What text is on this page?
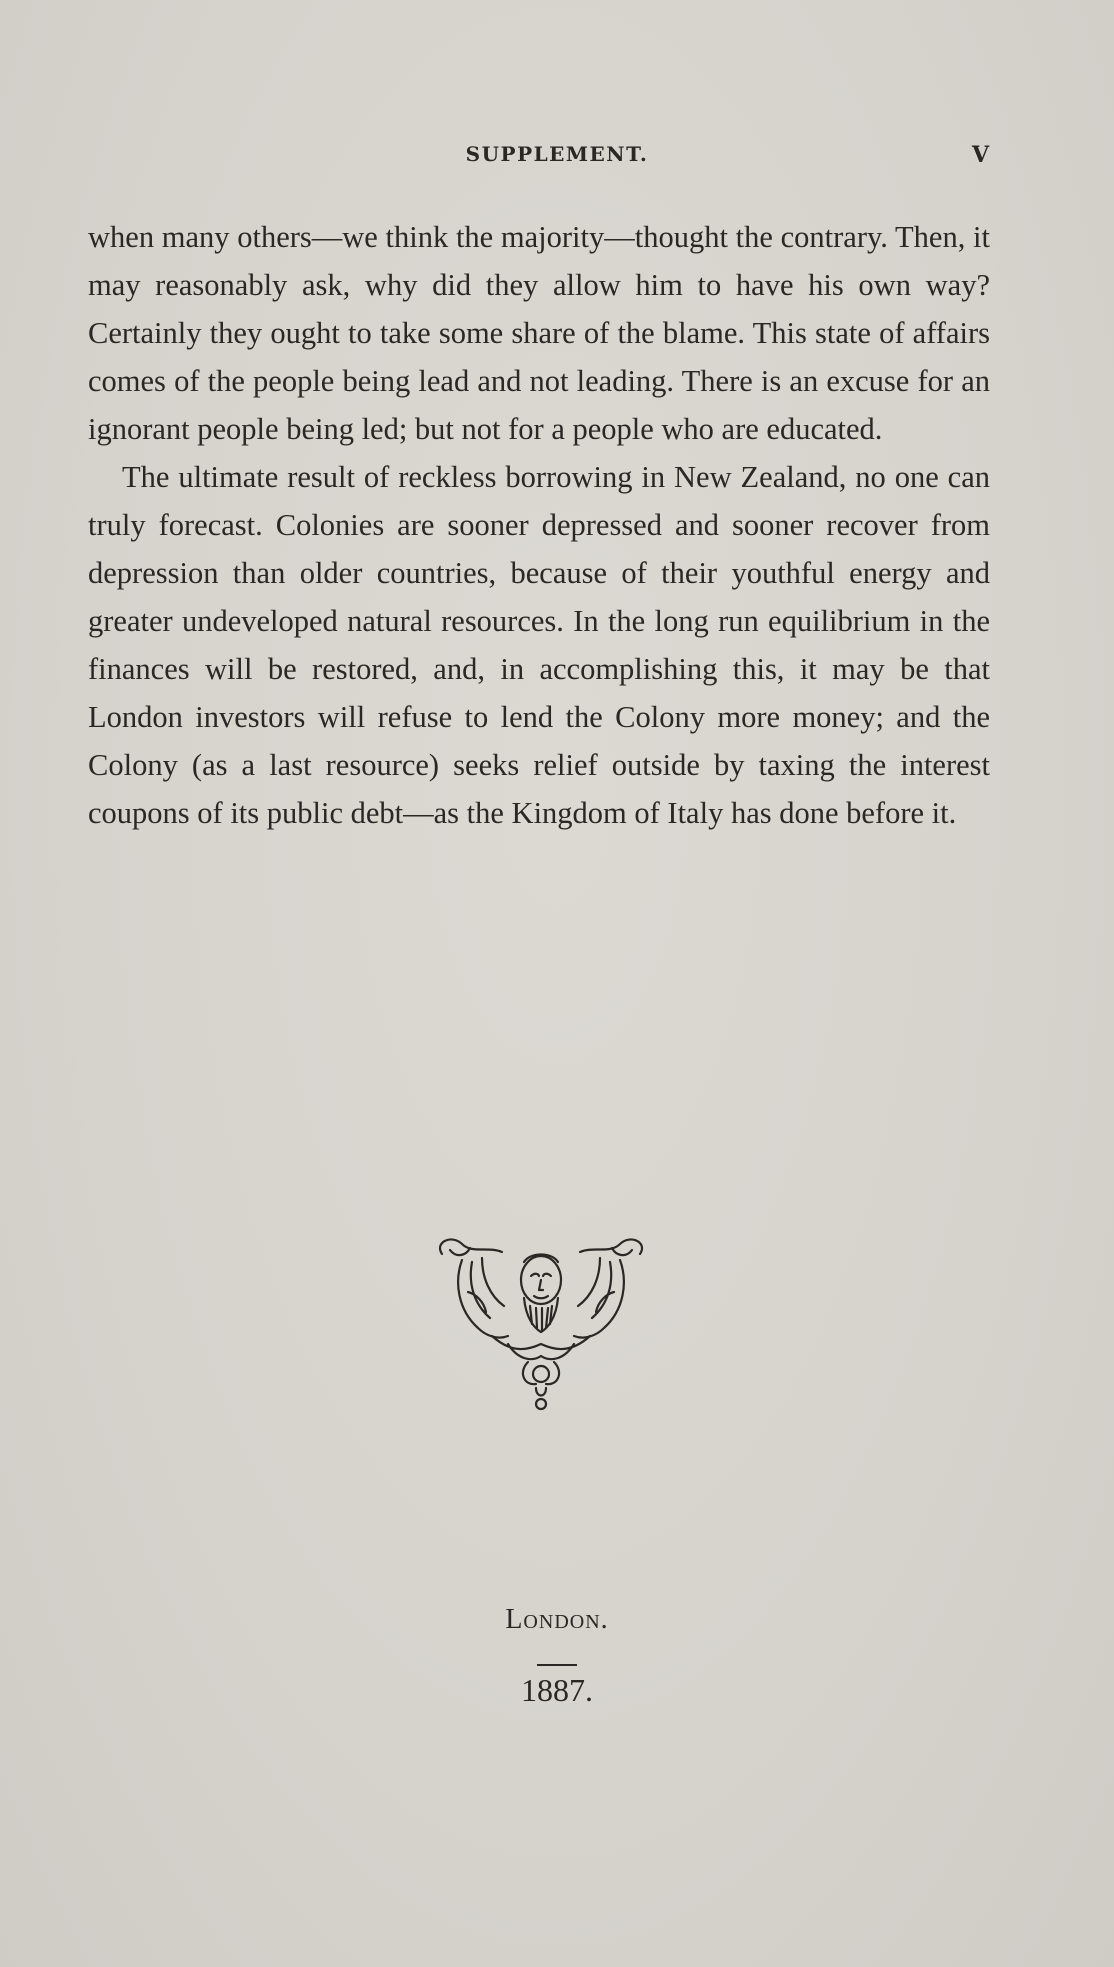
SUPPLEMENT.	V

when many others—we think the majority—thought the contrary. Then, it may reasonably ask, why did they allow him to have his own way? Certainly they ought to take some share of the blame. This state of affairs comes of the people being lead and not leading. There is an excuse for an ignorant people being led; but not for a people who are educated.

The ultimate result of reckless borrowing in New Zealand, no one can truly forecast. Colonies are sooner depressed and sooner recover from depression than older countries, because of their youthful energy and greater undeveloped natural resources. In the long run equilibrium in the finances will be restored, and, in accomplishing this, it may be that London investors will refuse to lend the Colony more money; and the Colony (as a last resource) seeks relief outside by taxing the interest coupons of its public debt—as the Kingdom of Italy has done before it.

London.
1887.
